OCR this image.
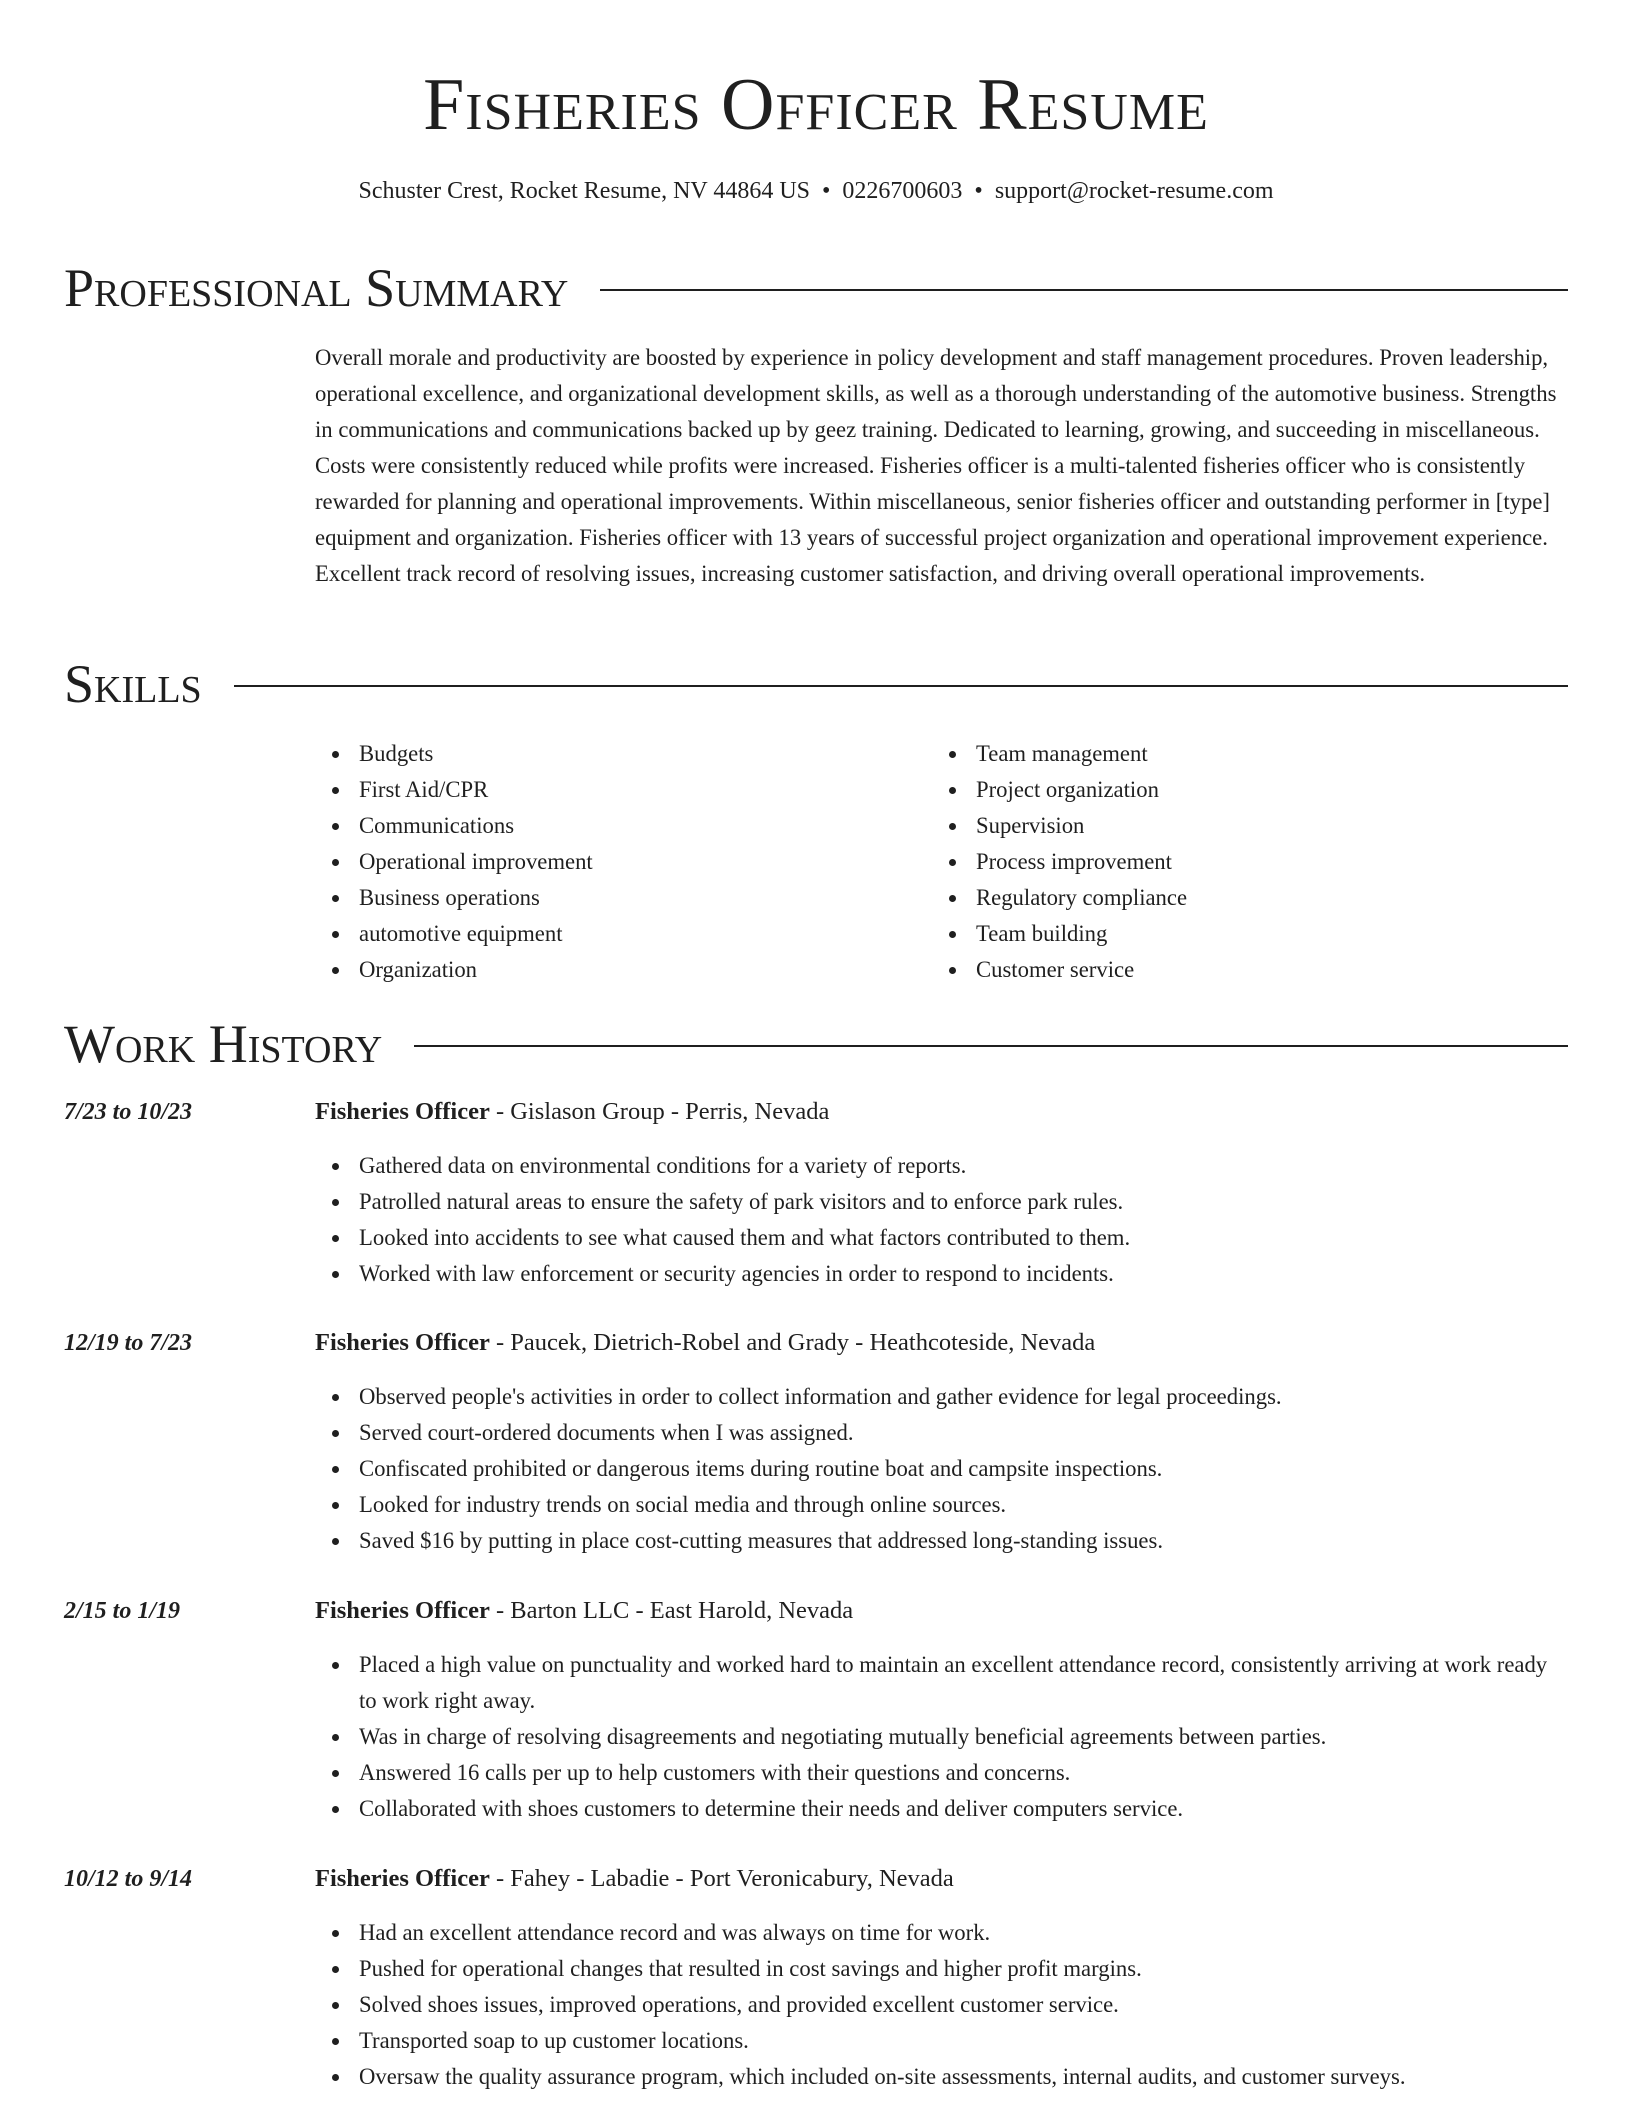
Fisheries Officer Resume
Schuster Crest, Rocket Resume, NV 44864 US • 0226700603 • support@rocket-resume.com
Professional Summary

Overall morale and productivity are boosted by experience in policy development and staff management procedures. Proven leadership, operational excellence, and organizational development skills, as well as a thorough understanding of the automotive business. Strengths in communications and communications backed up by geez training. Dedicated to learning, growing, and succeeding in miscellaneous. Costs were consistently reduced while profits were increased. Fisheries officer is a multi-talented fisheries officer who is consistently rewarded for planning and operational improvements. Within miscellaneous, senior fisheries officer and outstanding performer in [type] equipment and organization. Fisheries officer with 13 years of successful project organization and operational improvement experience. Excellent track record of resolving issues, increasing customer satisfaction, and driving overall operational improvements.

Skills
Budgets
First Aid/CPR
Communications
Operational improvement
Business operations
automotive equipment
Organization
Team management
Project organization
Supervision
Process improvement
Regulatory compliance
Team building
Customer service
Work History
7/23 to 10/23	Fisheries Officer - Gislason Group - Perris, Nevada
Gathered data on environmental conditions for a variety of reports.
Patrolled natural areas to ensure the safety of park visitors and to enforce park rules.
Looked into accidents to see what caused them and what factors contributed to them.
Worked with law enforcement or security agencies in order to respond to incidents.
12/19 to 7/23	Fisheries Officer - Paucek, Dietrich-Robel and Grady - Heathcoteside, Nevada
Observed people's activities in order to collect information and gather evidence for legal proceedings.
Served court-ordered documents when I was assigned.
Confiscated prohibited or dangerous items during routine boat and campsite inspections.
Looked for industry trends on social media and through online sources.
Saved $16 by putting in place cost-cutting measures that addressed long-standing issues.
2/15 to 1/19	Fisheries Officer - Barton LLC - East Harold, Nevada
Placed a high value on punctuality and worked hard to maintain an excellent attendance record, consistently arriving at work ready to work right away.
Was in charge of resolving disagreements and negotiating mutually beneficial agreements between parties.
Answered 16 calls per up to help customers with their questions and concerns.
Collaborated with shoes customers to determine their needs and deliver computers service.
10/12 to 9/14	Fisheries Officer - Fahey - Labadie - Port Veronicabury, Nevada
Had an excellent attendance record and was always on time for work.
Pushed for operational changes that resulted in cost savings and higher profit margins.
Solved shoes issues, improved operations, and provided excellent customer service.
Transported soap to up customer locations.
Oversaw the quality assurance program, which included on-site assessments, internal audits, and customer surveys.
